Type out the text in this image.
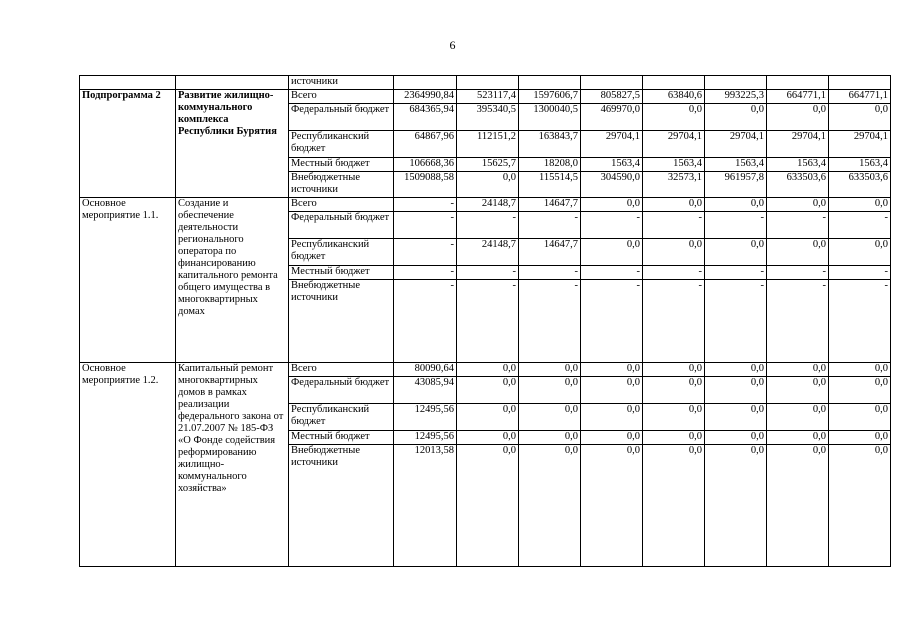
6
		источники								
Подпрограмма 2	Развитие жилищно-коммунального комплекса Республики Бурятия	Всего	2364990,84	523117,4	1597606,7	805827,5	63840,6	993225,3	664771,1	664771,1
		Федеральный бюджет	684365,94	395340,5	1300040,5	469970,0	0,0	0,0	0,0	0,0
		Республиканский бюджет	64867,96	112151,2	163843,7	29704,1	29704,1	29704,1	29704,1	29704,1
		Местный бюджет	106668,36	15625,7	18208,0	1563,4	1563,4	1563,4	1563,4	1563,4
		Внебюджетные источники	1509088,58	0,0	115514,5	304590,0	32573,1	961957,8	633503,6	633503,6
Основное мероприятие 1.1.	Создание и обеспечение деятельности регионального оператора по финансированию капитального ремонта общего имущества в многоквартирных домах	Всего	-	24148,7	14647,7	0,0	0,0	0,0	0,0	0,0
		Федеральный бюджет	-	-	-	-	-	-	-	-
		Республиканский бюджет	-	24148,7	14647,7	0,0	0,0	0,0	0,0	0,0
		Местный бюджет	-	-	-	-	-	-	-	-
		Внебюджетные источники	-	-	-	-	-	-	-	-
Основное мероприятие 1.2.	Капитальный ремонт многоквартирных домов в рамках реализации федерального закона от 21.07.2007 № 185-ФЗ «О Фонде содействия реформированию жилищно-коммунального хозяйства»	Всего	80090,64	0,0	0,0	0,0	0,0	0,0	0,0	0,0
		Федеральный бюджет	43085,94	0,0	0,0	0,0	0,0	0,0	0,0	0,0
		Республиканский бюджет	12495,56	0,0	0,0	0,0	0,0	0,0	0,0	0,0
		Местный бюджет	12495,56	0,0	0,0	0,0	0,0	0,0	0,0	0,0
		Внебюджетные источники	12013,58	0,0	0,0	0,0	0,0	0,0	0,0	0,0
